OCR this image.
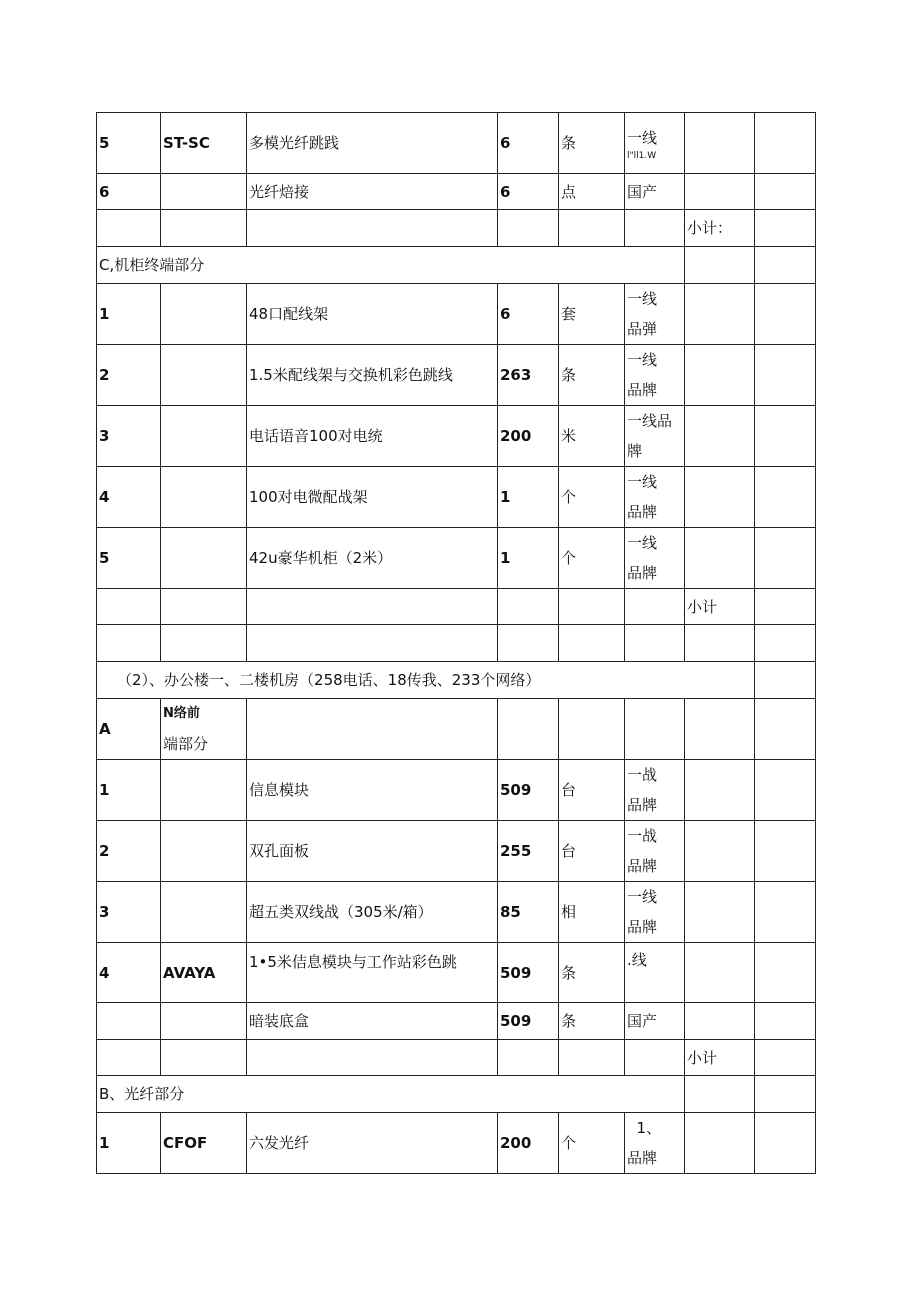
5	ST-SC	多模光纤跳践	6	条	一线
l"ll1.W		

6		光纤焙接	6	点	国产		
						小计：	
C,机柜终端部分							
1		48口配线架	6	套	一线
品弹		

2		1.5米配线架与交换机彩色跳线	263	条	一线
品牌		

3		电话语音100对电统	200	米	一线品
牌		

4		100对电微配战架	1	个	一线
品牌		

5		42u豪华机柜（2米）	1	个	一线
品牌		

						小计	

（2）、办公楼一、二楼机房（258电话、18传我、233个网络）							
A	N络前
端部分						

1		信息模块	509	台	一战
品牌		

2		双孔面板	255	台	一战
品牌		

3		超五类双线战（305米/箱）	85	相	一线
品牌		

4	AVAYA	1•5米佶息模块与工作站彩色跳	509	条	.线		
		暗装底盒	509	条	国产		
						小计	
B、光纤部分							
1	CFOF	六发光纤	200	个	1、
品牌		
